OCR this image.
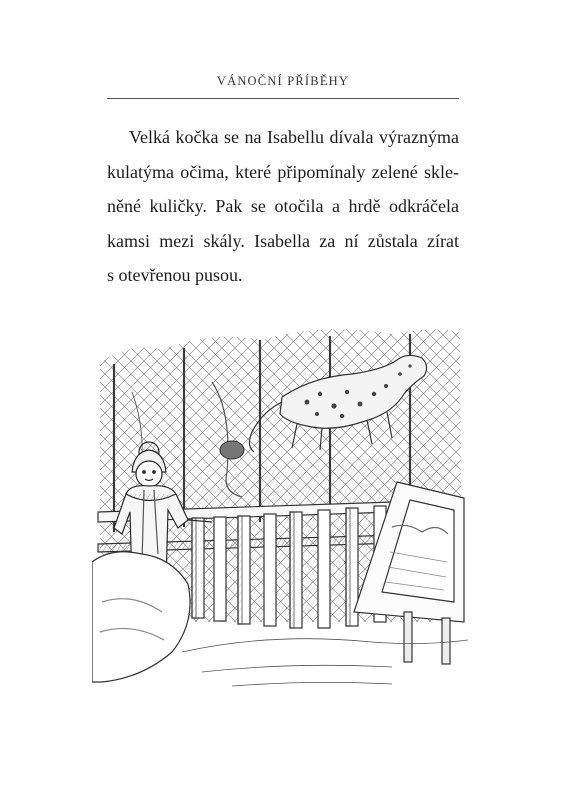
VÁNOČNÍ PŘÍBĚHY
Velká kočka se na Isabellu dívala výraznýma
kulatýma očima, které připomínaly zelené skle-
něné kuličky. Pak se otočila a hrdě odkráčela
kamsi mezi skály. Isabella za ní zůstala zírat
s otevřenou pusou.
